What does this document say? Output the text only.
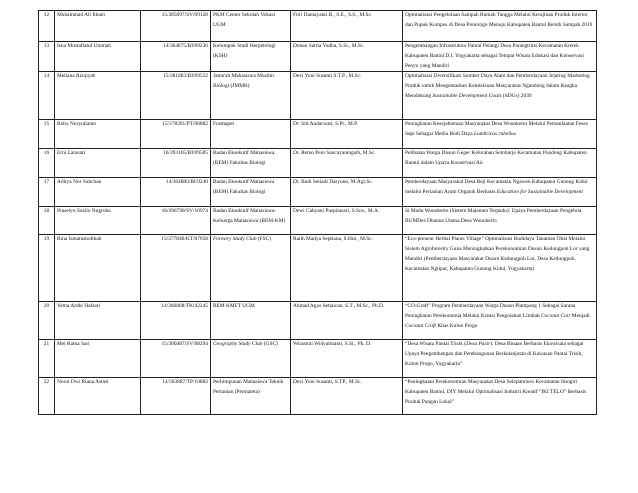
12	Muhammad Ali Ilham	15/385697/SV/09128	PKM Center Sekolah Vokasi UGM	Fitri Damayanti B., S.E., S.S., M.Sc.	Optimalisasi Pengelolaan Sampah Rumah Tangga Melalui Kerajinan Produk Interior dan Pupuk Kompos di Desa Ponorogo Menuju Kabupaten Bantul Bersih Sampah 2019
13	Isna Mustafiatul Ummah	14/364875/BI/09236	Kelompok Studi Herpetologi (KSH)	Donan Satria Yudha, S.Si., M.Sc.	Pengembangan Infrastruktur Pantai Pelangi Desa Parangtritis Kecamatan Kretek Kabupaten Bantul D.I. Yogyakarta sebagai Tempat Wisata Edukasi dan Konservasi Penyu yang Mandiri
14	Meliana Rizqiyah	15/381883/BI/09522	Jama'ah Mahasiswa Muslim Biologi (JMMB)	Devi Yuni Susanti S.T.P., M.Sc.	Optimalisasi Diversifikasi Sumber Daya Alam dan Pemberdayaan Jejaring Marketing Produk untuk Mengentaskan Kemiskinan Masyarakat Ngandong dalam Rangka Mendukung Sustainable Development Goals (SDGs) 2030
15	Boby Nuryulianto	15/378391/PT/06882	Fosmapet	Dr. Siti Andarwati, S.Pt., M.P.	Peningkatan Kesejahteraan Masyarakat Desa Wonokerto Melalui Pemanfaatan Feses Sapi Sebagai Media Budi Daya Lumbricus rubellus
16	Erni Larasati	16/393165/BI/09585	Badan Eksekutif Mahasiswa (BEM) Fakultas Biologi	Dr. Retno Peni Sancayaningsih, M.Sc.	Pelibatan Warga Dusun Geger Kelurahan Seloharjo Kecamatan Pundong Kabupaten Bantul dalam Upaya Konservasi Air
17	Aditya Nur Subchan	14/364880/BI/9240	Badan Eksekutif Mahasiswa (BEM) Fakultas Biologi	Dr. Budi Setiadi Daryono, M.Agr.Sc.	Pemberdayaan Masyarakat Desa Beji Kecamatan Ngawen Kabupaten Gunung Kidul melalui Pertanian Ayam Organik Berbasis Education for Sustainable Development
18	Prasetyo Susilo Nugroho	16/396790/SV/10974	Badan Eksekutif Mahasiswa-Keluarga Mahasiswa (BEM-KM)	Dewi Cahyani Puspitasari, S.Sos., M.A.	Si Madu Wonokerto (Sistem Majemen Terpadu): Upaya Pemberdayaan Pengelola BUMDes Dhanna Utama Desa Wonokerto
19	Rina Ismatusholihah	15/377840/KT/07958	Forestry Study Club (FSC)	Ratih Madya Septiana, S.Hut., M.Sc.	“Eco-preneur Herbal Plants Village” Optimalisasi Budidaya Tanaman Obat Melalui Sistem Agroforestry Guna Meningkatkan Perekonomian Dusun Kedungpoh Lor yang Mandiri (Pemberdayaan Masyarakat Dusun Kedungpoh Lor, Desa Kedungpoh, Kecamatan Nglipar, Kabupaten Gunung Kidul, Yogyakarta)
20	Vema Ardhi Hafsari	14/366868/TK/42245	BEM KMFT UGM	Ahmad Agus Setiawan, S.T., M.Sc., Ph.D.	“CO-Graft” Program Pemberdayaan Warga Dusun Plampang 1 Sebagai Sarana Peningkatan Perekonomia Melalui Kreasi Pengolahan Limbah Coconut Coir Menjadi Coconut Craft Khas Kulon Progo
21	Mei Ratna Sari	15/380487/SV/08294	Geography Study Club (GSC)	Wirastuti Widyatmanti, S.Si., Ph. D.	“Desa Wisata Pantai Trisik (Desa Pasir): Desa Binaan Berbasis Ekowisata sebagai Upaya Pengembangan dan Pembangunan Berkelanjutan di Kawasan Pantai Trisik, Kulon Progo, Yogyakarta”
22	Nurul Dwi Riana Astuti	14/363887/TP/10882	Perhimpunan Mahasiswa Teknik Pertanian (Permateta)	Devi Yuni Susanti, S.TP., M.Sc.	“Peningkatan Perekonomian Masyarakat Desa Selopamioro Kecamatan Imogiri Kabupaten Bantul, DIY Melalui Optimalisasi Industri Kreatif “IKI TELO” Berbasis Produk Pangan Lokal”
